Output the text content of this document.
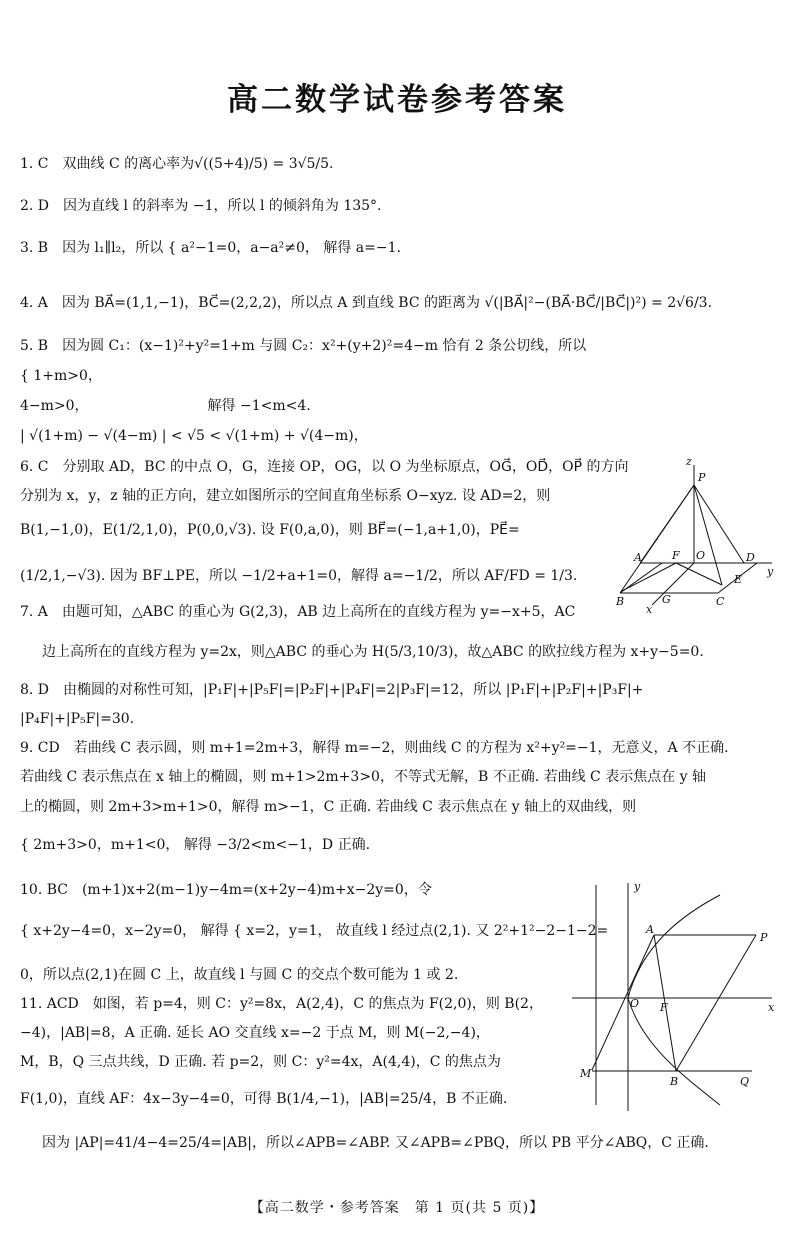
高二数学试卷参考答案
1. C　双曲线 C 的离心率为√((5+4)/5) = 3√5/5.
2. D　因为直线 l 的斜率为 −1，所以 l 的倾斜角为 135°.
3. B　因为 l₁∥l₂，所以 { a²−1=0，a−a²≠0， 解得 a=−1.
4. A　因为 BA⃗=(1,1,−1)，BC⃗=(2,2,2)，所以点 A 到直线 BC 的距离为 √(|BA⃗|²−(BA⃗·BC⃗/|BC⃗|)²) = 2√6/3.
5. B　因为圆 C₁：(x−1)²+y²=1+m 与圆 C₂：x²+(y+2)²=4−m 恰有 2 条公切线，所以
{ 1+m>0，
4−m>0，　　　　　　　　　解得 −1<m<4.
| √(1+m) − √(4−m) | < √5 < √(1+m) + √(4−m)，
6. C　分别取 AD，BC 的中点 O，G，连接 OP，OG，以 O 为坐标原点，OG⃗，OD⃗，OP⃗ 的方向
分别为 x，y，z 轴的正方向，建立如图所示的空间直角坐标系 O−xyz. 设 AD=2，则
B(1,−1,0)，E(1/2,1,0)，P(0,0,√3). 设 F(0,a,0)，则 BF⃗=(−1,a+1,0)，PE⃗=
(1/2,1,−√3). 因为 BF⊥PE，所以 −1/2+a+1=0，解得 a=−1/2，所以 AF/FD = 1/3.
7. A　由题可知，△ABC 的重心为 G(2,3)，AB 边上高所在的直线方程为 y=−x+5，AC
边上高所在的直线方程为 y=2x，则△ABC 的垂心为 H(5/3,10/3)，故△ABC 的欧拉线方程为 x+y−5=0.
8. D　由椭圆的对称性可知，|P₁F|+|P₅F|=|P₂F|+|P₄F|=2|P₃F|=12，所以 |P₁F|+|P₂F|+|P₃F|+
|P₄F|+|P₅F|=30.
9. CD　若曲线 C 表示圆，则 m+1=2m+3，解得 m=−2，则曲线 C 的方程为 x²+y²=−1，无意义，A 不正确.
若曲线 C 表示焦点在 x 轴上的椭圆，则 m+1>2m+3>0，不等式无解，B 不正确. 若曲线 C 表示焦点在 y 轴
上的椭圆，则 2m+3>m+1>0，解得 m>−1，C 正确. 若曲线 C 表示焦点在 y 轴上的双曲线，则
{ 2m+3>0，m+1<0， 解得 −3/2<m<−1，D 正确.
10. BC　(m+1)x+2(m−1)y−4m=(x+2y−4)m+x−2y=0，令
{ x+2y−4=0，x−2y=0， 解得 { x=2，y=1， 故直线 l 经过点(2,1). 又 2²+1²−2−1−2=
0，所以点(2,1)在圆 C 上，故直线 l 与圆 C 的交点个数可能为 1 或 2.
11. ACD　如图，若 p=4，则 C：y²=8x，A(2,4)，C 的焦点为 F(2,0)，则 B(2，
−4)，|AB|=8，A 正确. 延长 AO 交直线 x=−2 于点 M，则 M(−2,−4)，
M，B，Q 三点共线，D 正确. 若 p=2，则 C：y²=4x，A(4,4)，C 的焦点为
F(1,0)，直线 AF：4x−3y−4=0，可得 B(1/4,−1)，|AB|=25/4，B 不正确.
因为 |AP|=41/4−4=25/4=|AB|，所以∠APB=∠ABP. 又∠APB=∠PBQ，所以 PB 平分∠ABQ，C 正确.
z
P
A	F O	D
y
E
B	G	C
x
y
A
P
O F	x
M
B	Q
【高二数学・参考答案　第 1 页(共 5 页)】
